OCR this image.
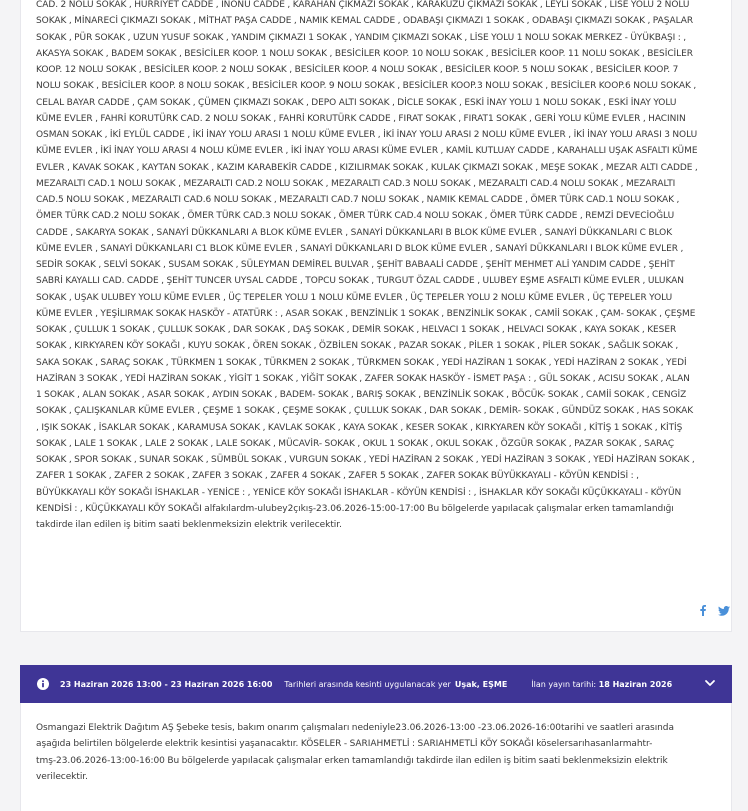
CAD. 2 NOLU SOKAK , HÜRRİYET CADDE , İNÖNÜ CADDE , KARAHAN ÇIKMAZI SOKAK , KARAKUZU ÇIKMAZI SOKAK , LEYLİ SOKAK , LİSE YOLU 2 NOLU SOKAK , MİNARECİ ÇIKMAZI SOKAK , MİTHAT PAŞA CADDE , NAMIK KEMAL CADDE , ODABAŞI ÇIKMAZI 1 SOKAK , ODABAŞI ÇIKMAZI SOKAK , PAŞALAR SOKAK , PÜR SOKAK , UZUN YUSUF SOKAK , YANDIM ÇIKMAZI 1 SOKAK , YANDIM ÇIKMAZI SOKAK , LİSE YOLU 1 NOLU SOKAK MERKEZ - ÜYÜKBAŞI : , AKASYA SOKAK , BADEM SOKAK , BESİCİLER KOOP. 1 NOLU SOKAK , BESİCİLER KOOP. 10 NOLU SOKAK , BESİCİLER KOOP. 11 NOLU SOKAK , BESİCİLER KOOP. 12 NOLU SOKAK , BESİCİLER KOOP. 2 NOLU SOKAK , BESİCİLER KOOP. 4 NOLU SOKAK , BESİCİLER KOOP. 5 NOLU SOKAK , BESİCİLER KOOP. 7 NOLU SOKAK , BESİCİLER KOOP. 8 NOLU SOKAK , BESİCİLER KOOP. 9 NOLU SOKAK , BESİCİLER KOOP.3 NOLU SOKAK , BESİCİLER KOOP.6 NOLU SOKAK , CELAL BAYAR CADDE , ÇAM SOKAK , ÇÜMEN ÇIKMAZI SOKAK , DEPO ALTI SOKAK , DİCLE SOKAK , ESKİ İNAY YOLU 1 NOLU SOKAK , ESKİ İNAY YOLU KÜME EVLER , FAHRİ KORUTÜRK CAD. 2 NOLU SOKAK , FAHRİ KORUTÜRK CADDE , FIRAT SOKAK , FIRAT1 SOKAK , GERİ YOLU KÜME EVLER , HACININ OSMAN SOKAK , İKİ EYLÜL CADDE , İKİ İNAY YOLU ARASI 1 NOLU KÜME EVLER , İKİ İNAY YOLU ARASI 2 NOLU KÜME EVLER , İKİ İNAY YOLU ARASI 3 NOLU KÜME EVLER , İKİ İNAY YOLU ARASI 4 NOLU KÜME EVLER , İKİ İNAY YOLU ARASI KÜME EVLER , KAMİL KUTLUAY CADDE , KARAHALLI UŞAK ASFALTI KÜME EVLER , KAVAK SOKAK , KAYTAN SOKAK , KAZIM KARABEKİR CADDE , KIZILIRMAK SOKAK , KULAK ÇIKMAZI SOKAK , MEŞE SOKAK , MEZAR ALTI CADDE , MEZARALTI CAD.1 NOLU SOKAK , MEZARALTI CAD.2 NOLU SOKAK , MEZARALTI CAD.3 NOLU SOKAK , MEZARALTI CAD.4 NOLU SOKAK , MEZARALTI CAD.5 NOLU SOKAK , MEZARALTI CAD.6 NOLU SOKAK , MEZARALTI CAD.7 NOLU SOKAK , NAMIK KEMAL CADDE , ÖMER TÜRK CAD.1 NOLU SOKAK , ÖMER TÜRK CAD.2 NOLU SOKAK , ÖMER TÜRK CAD.3 NOLU SOKAK , ÖMER TÜRK CAD.4 NOLU SOKAK , ÖMER TÜRK CADDE , REMZİ DEVECİOĞLU CADDE , SAKARYA SOKAK , SANAYİ DÜKKANLARI A BLOK KÜME EVLER , SANAYİ DÜKKANLARI B BLOK KÜME EVLER , SANAYİ DÜKKANLARI C BLOK KÜME EVLER , SANAYİ DÜKKANLARI C1 BLOK KÜME EVLER , SANAYİ DÜKKANLARI D BLOK KÜME EVLER , SANAYİ DÜKKANLARI I BLOK KÜME EVLER , SEDİR SOKAK , SELVİ SOKAK , SUSAM SOKAK , SÜLEYMAN DEMİREL BULVAR , ŞEHİT BABAALİ CADDE , ŞEHİT MEHMET ALİ YANDIM CADDE , ŞEHİT SABRİ KAYALLI CAD. CADDE , ŞEHİT TUNCER UYSAL CADDE , TOPCU SOKAK , TURGUT ÖZAL CADDE , ULUBEY EŞME ASFALTI KÜME EVLER , ULUKAN SOKAK , UŞAK ULUBEY YOLU KÜME EVLER , ÜÇ TEPELER YOLU 1 NOLU KÜME EVLER , ÜÇ TEPELER YOLU 2 NOLU KÜME EVLER , ÜÇ TEPELER YOLU KÜME EVLER , YEŞİLIRMAK SOKAK HASKÖY - ATATÜRK : , ASAR SOKAK , BENZİNLİK 1 SOKAK , BENZİNLİK SOKAK , CAMİİ SOKAK , ÇAM- SOKAK , ÇEŞME SOKAK , ÇULLUK 1 SOKAK , ÇULLUK SOKAK , DAR SOKAK , DAŞ SOKAK , DEMİR SOKAK , HELVACI 1 SOKAK , HELVACI SOKAK , KAYA SOKAK , KESER SOKAK , KIRKYAREN KÖY SOKAĞI , KUYU SOKAK , ÖREN SOKAK , ÖZBİLEN SOKAK , PAZAR SOKAK , PİLER 1 SOKAK , PİLER SOKAK , SAĞLIK SOKAK , SAKA SOKAK , SARAÇ SOKAK , TÜRKMEN 1 SOKAK , TÜRKMEN 2 SOKAK , TÜRKMEN SOKAK , YEDİ HAZİRAN 1 SOKAK , YEDİ HAZİRAN 2 SOKAK , YEDİ HAZİRAN 3 SOKAK , YEDİ HAZİRAN SOKAK , YİGİT 1 SOKAK , YİĞİT SOKAK , ZAFER SOKAK HASKÖY - İSMET PAŞA : , GÜL SOKAK , ACISU SOKAK , ALAN 1 SOKAK , ALAN SOKAK , ASAR SOKAK , AYDIN SOKAK , BADEM- SOKAK , BARIŞ SOKAK , BENZİNLİK SOKAK , BÖCÜK- SOKAK , CAMİİ SOKAK , CENGİZ SOKAK , ÇALIŞKANLAR KÜME EVLER , ÇEŞME 1 SOKAK , ÇEŞME SOKAK , ÇULLUK SOKAK , DAR SOKAK , DEMİR- SOKAK , GÜNDÜZ SOKAK , HAS SOKAK , IŞIK SOKAK , İSAKLAR SOKAK , KARAMUSA SOKAK , KAVLAK SOKAK , KAYA SOKAK , KESER SOKAK , KIRKYAREN KÖY SOKAĞI , KİTİŞ 1 SOKAK , KİTİŞ SOKAK , LALE 1 SOKAK , LALE 2 SOKAK , LALE SOKAK , MÜCAVİR- SOKAK , OKUL 1 SOKAK , OKUL SOKAK , ÖZGÜR SOKAK , PAZAR SOKAK , SARAÇ SOKAK , SPOR SOKAK , SUNAR SOKAK , SÜMBÜL SOKAK , VURGUN SOKAK , YEDİ HAZİRAN 2 SOKAK , YEDİ HAZİRAN 3 SOKAK , YEDİ HAZİRAN SOKAK , ZAFER 1 SOKAK , ZAFER 2 SOKAK , ZAFER 3 SOKAK , ZAFER 4 SOKAK , ZAFER 5 SOKAK , ZAFER SOKAK BÜYÜKKAYALI - KÖYÜN KENDİSİ : , BÜYÜKKAYALI KÖY SOKAĞI İSHAKLAR - YENİCE : , YENİCE KÖY SOKAĞI İSHAKLAR - KÖYÜN KENDİSİ : , İSHAKLAR KÖY SOKAĞI KÜÇÜKKAYALI - KÖYÜN KENDİSİ : , KÜÇÜKKAYALI KÖY SOKAĞI alfakılardm-ulubey2çıkış-23.06.2026-15:00-17:00 Bu bölgelerde yapılacak çalışmalar erken tamamlandığı takdirde ilan edilen iş bitim saati beklenmeksizin elektrik verilecektir.

23 Haziran 2026 13:00 - 23 Haziran 2026 16:00 Tarihleri arasında kesinti uygulanacak yer Uşak, EŞME	İlan yayın tarihi: 18 Haziran 2026

Osmangazi Elektrik Dağıtım AŞ Şebeke tesis, bakım onarım çalışmaları nedeniyle23.06.2026-13:00 -23.06.2026-16:00tarihi ve saatleri arasında aşağıda belirtilen bölgelerde elektrik kesintisi yaşanacaktır. KÖSELER - SARIAHMETLİ : SARIAHMETLİ KÖY SOKAĞI köselersarıhasanlarmahtr-tmş-23.06.2026-13:00-16:00 Bu bölgelerde yapılacak çalışmalar erken tamamlandığı takdirde ilan edilen iş bitim saati beklenmeksizin elektrik verilecektir.
